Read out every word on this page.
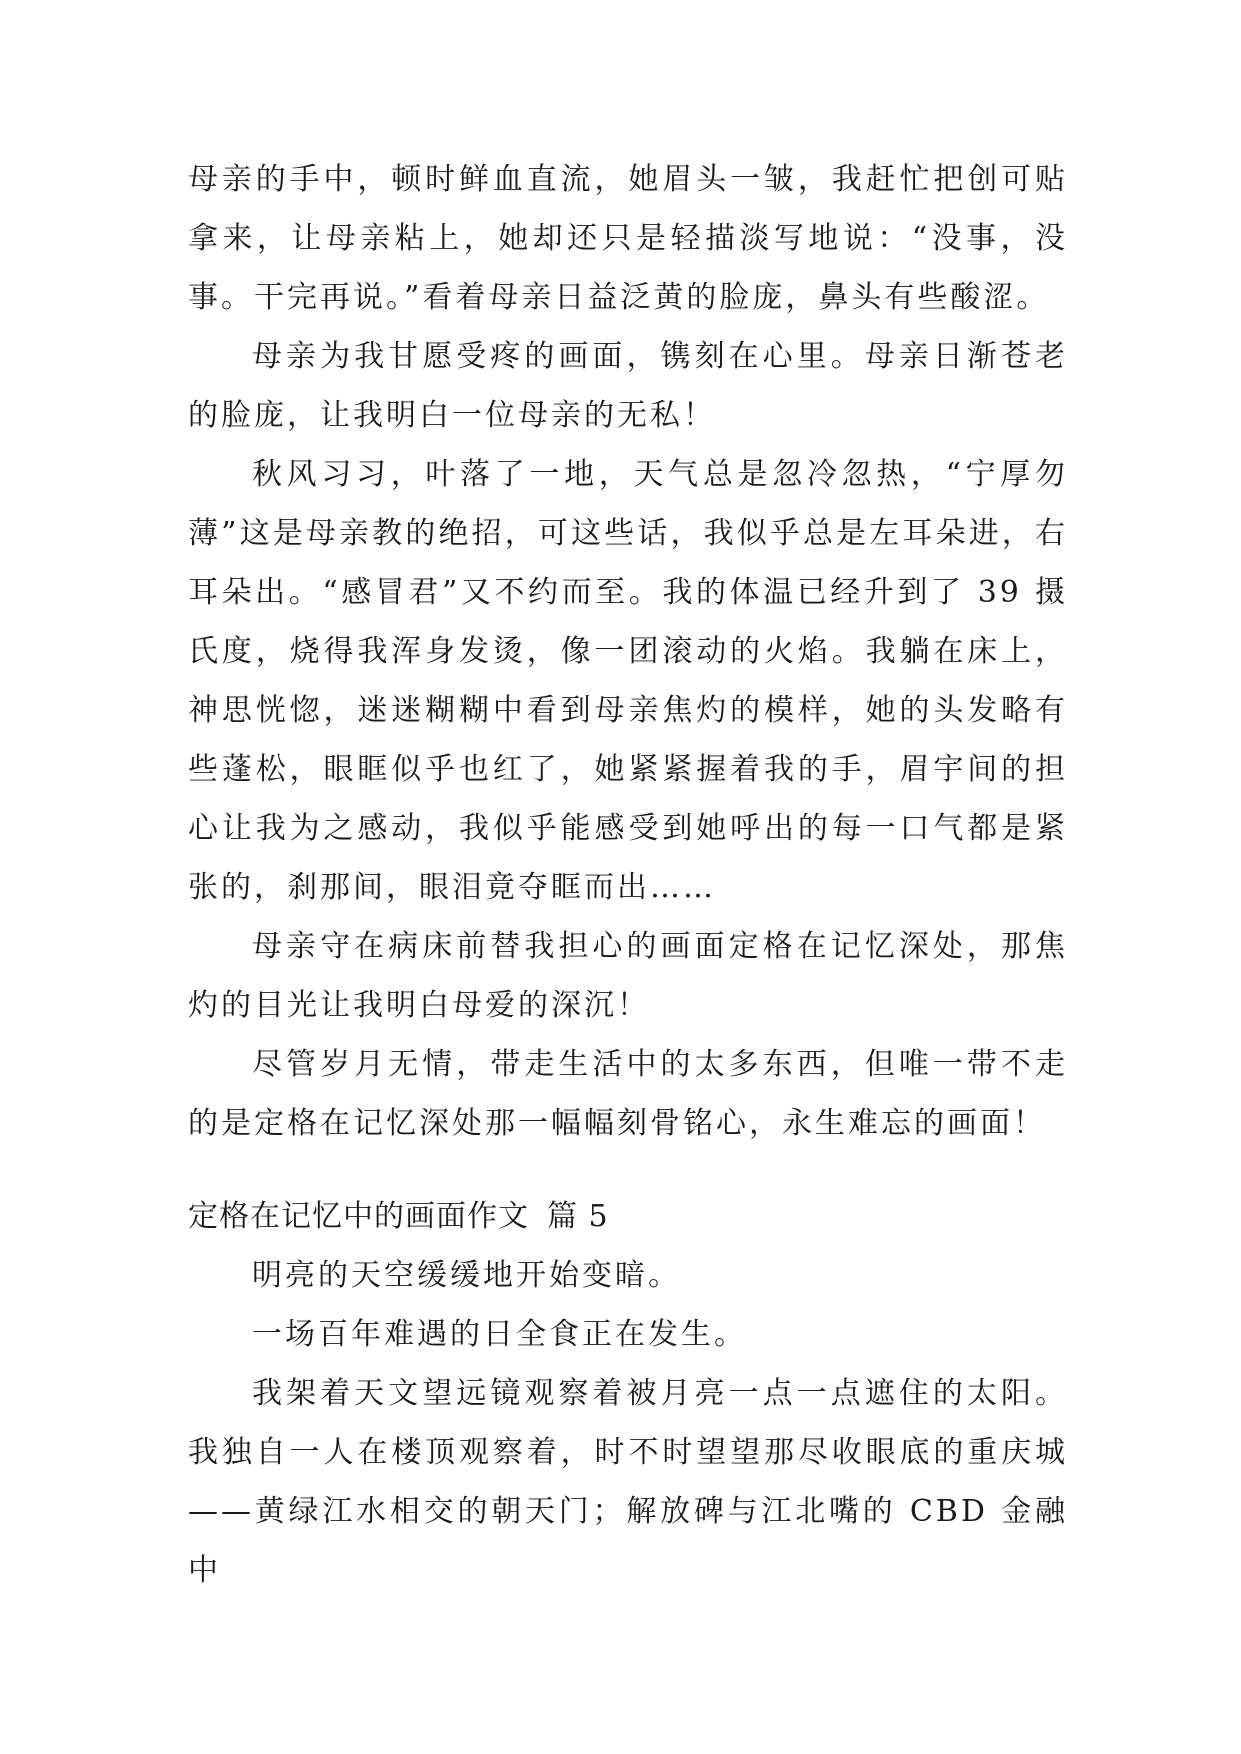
母亲的手中，顿时鲜血直流，她眉头一皱，我赶忙把创可贴拿来，让母亲粘上，她却还只是轻描淡写地说：“没事，没事。干完再说。”看着母亲日益泛黄的脸庞，鼻头有些酸涩。

母亲为我甘愿受疼的画面，镌刻在心里。母亲日渐苍老的脸庞，让我明白一位母亲的无私！

秋风习习，叶落了一地，天气总是忽冷忽热，“宁厚勿薄”这是母亲教的绝招，可这些话，我似乎总是左耳朵进，右耳朵出。“感冒君”又不约而至。我的体温已经升到了 39 摄氏度，烧得我浑身发烫，像一团滚动的火焰。我躺在床上，神思恍惚，迷迷糊糊中看到母亲焦灼的模样，她的头发略有些蓬松，眼眶似乎也红了，她紧紧握着我的手，眉宇间的担心让我为之感动，我似乎能感受到她呼出的每一口气都是紧张的，刹那间，眼泪竟夺眶而出……

母亲守在病床前替我担心的画面定格在记忆深处，那焦灼的目光让我明白母爱的深沉！

尽管岁月无情，带走生活中的太多东西，但唯一带不走的是定格在记忆深处那一幅幅刻骨铭心，永生难忘的画面！

定格在记忆中的画面作文 篇 5

明亮的天空缓缓地开始变暗。

一场百年难遇的日全食正在发生。

我架着天文望远镜观察着被月亮一点一点遮住的太阳。我独自一人在楼顶观察着，时不时望望那尽收眼底的重庆城——黄绿江水相交的朝天门；解放碑与江北嘴的 CBD 金融中
